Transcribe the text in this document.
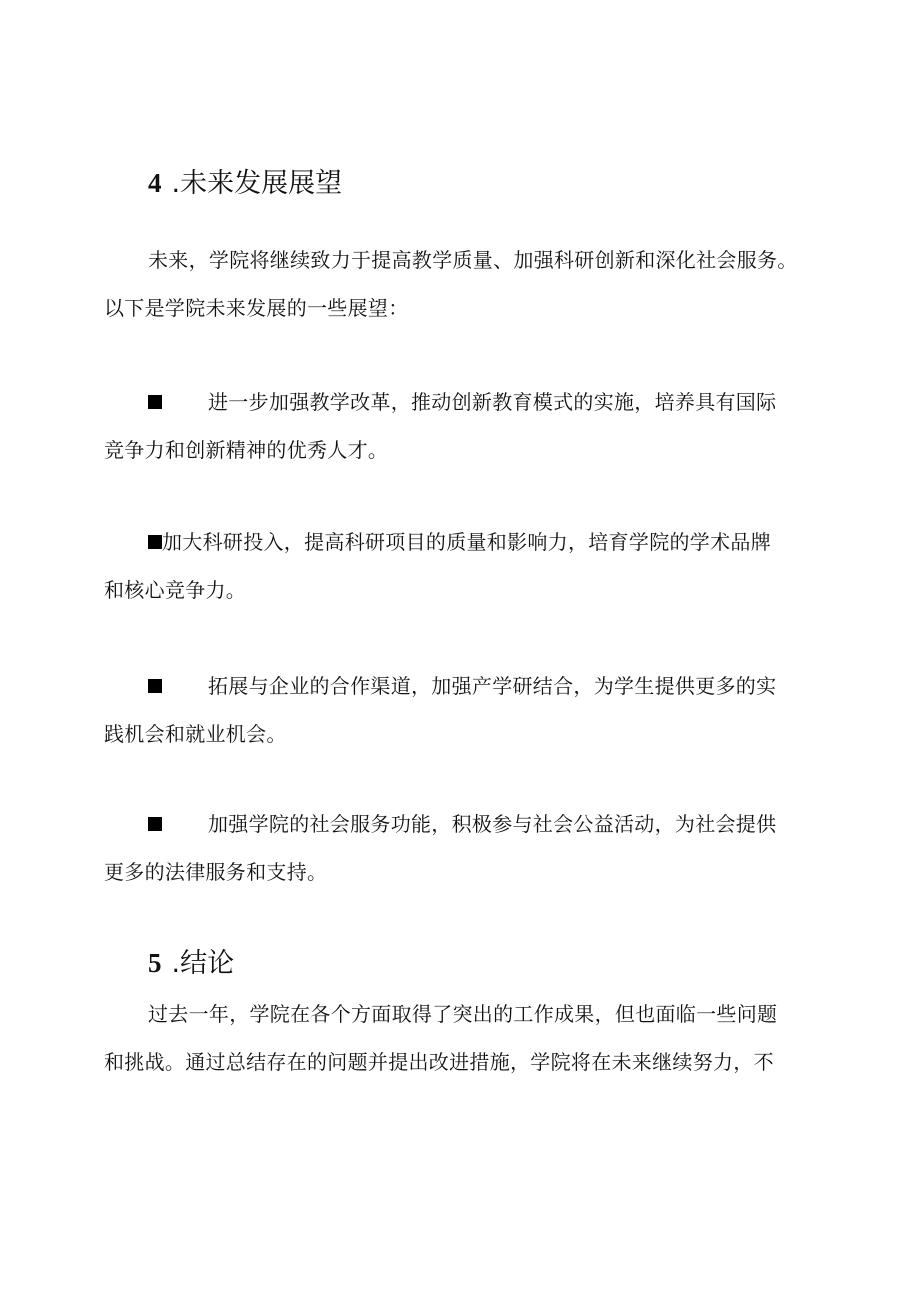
4 .未来发展展望

未来，学院将继续致力于提高教学质量、加强科研创新和深化社会服务。
以下是学院未来发展的一些展望：

进一步加强教学改革，推动创新教育模式的实施，培养具有国际
竞争力和创新精神的优秀人才。

加大科研投入，提高科研项目的质量和影响力，培育学院的学术品牌
和核心竞争力。

拓展与企业的合作渠道，加强产学研结合，为学生提供更多的实
践机会和就业机会。

加强学院的社会服务功能，积极参与社会公益活动，为社会提供
更多的法律服务和支持。

5 .结论

过去一年，学院在各个方面取得了突出的工作成果，但也面临一些问题
和挑战。通过总结存在的问题并提出改进措施，学院将在未来继续努力，不
